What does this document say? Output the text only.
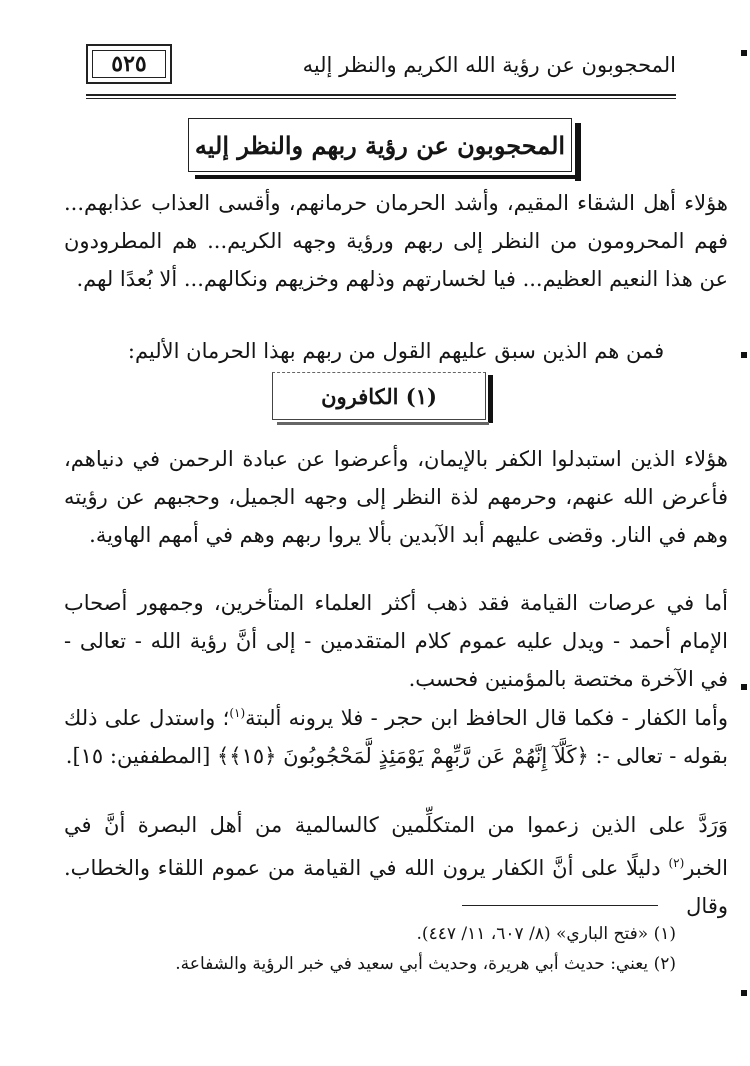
المحجوبون عن رؤية الله الكريم والنظر إليه
٥٢٥
المحجوبون عن رؤية ربهم والنظر إليه

هؤلاء أهل الشقاء المقيم، وأشد الحرمان حرمانهم، وأقسى العذاب عذابهم... فهم المحرومون من النظر إلى ربهم ورؤية وجهه الكريم... هم المطرودون عن هذا النعيم العظيم... فيا لخسارتهم وذلهم وخزيهم ونكالهم... ألا بُعدًا لهم.

فمن هم الذين سبق عليهم القول من ربهم بهذا الحرمان الأليم:

(١) الكافرون

هؤلاء الذين استبدلوا الكفر بالإيمان، وأعرضوا عن عبادة الرحمن في دنياهم، فأعرض الله عنهم، وحرمهم لذة النظر إلى وجهه الجميل، وحجبهم عن رؤيته وهم في النار. وقضى عليهم أبد الآبدين بألا يروا ربهم وهم في أمهم الهاوية.

أما في عرصات القيامة فقد ذهب أكثر العلماء المتأخرين، وجمهور أصحاب الإمام أحمد - ويدل عليه عموم كلام المتقدمين - إلى أنَّ رؤية الله - تعالى - في الآخرة مختصة بالمؤمنين فحسب.

وأما الكفار - فكما قال الحافظ ابن حجر - فلا يرونه ألبتة$^{(١)}$؛ واستدل على ذلك بقوله - تعالى -: ﴿كَلَّآ إِنَّهُمْ عَن رَّبِّهِمْ يَوْمَئِذٍ لَّمَحْجُوبُونَ ﴿١٥﴾﴾ [المطففين: ١٥].

وَرَدَّ على الذين زعموا من المتكلِّمين كالسالمية من أهل البصرة أنَّ في الخبر$^{(٢)}$ دليلًا على أنَّ الكفار يرون الله في القيامة من عموم اللقاء والخطاب. وقال

(١) «فتح الباري» (٨/ ٦٠٧، ١١/ ٤٤٧).

(٢) يعني: حديث أبي هريرة، وحديث أبي سعيد في خبر الرؤية والشفاعة.
